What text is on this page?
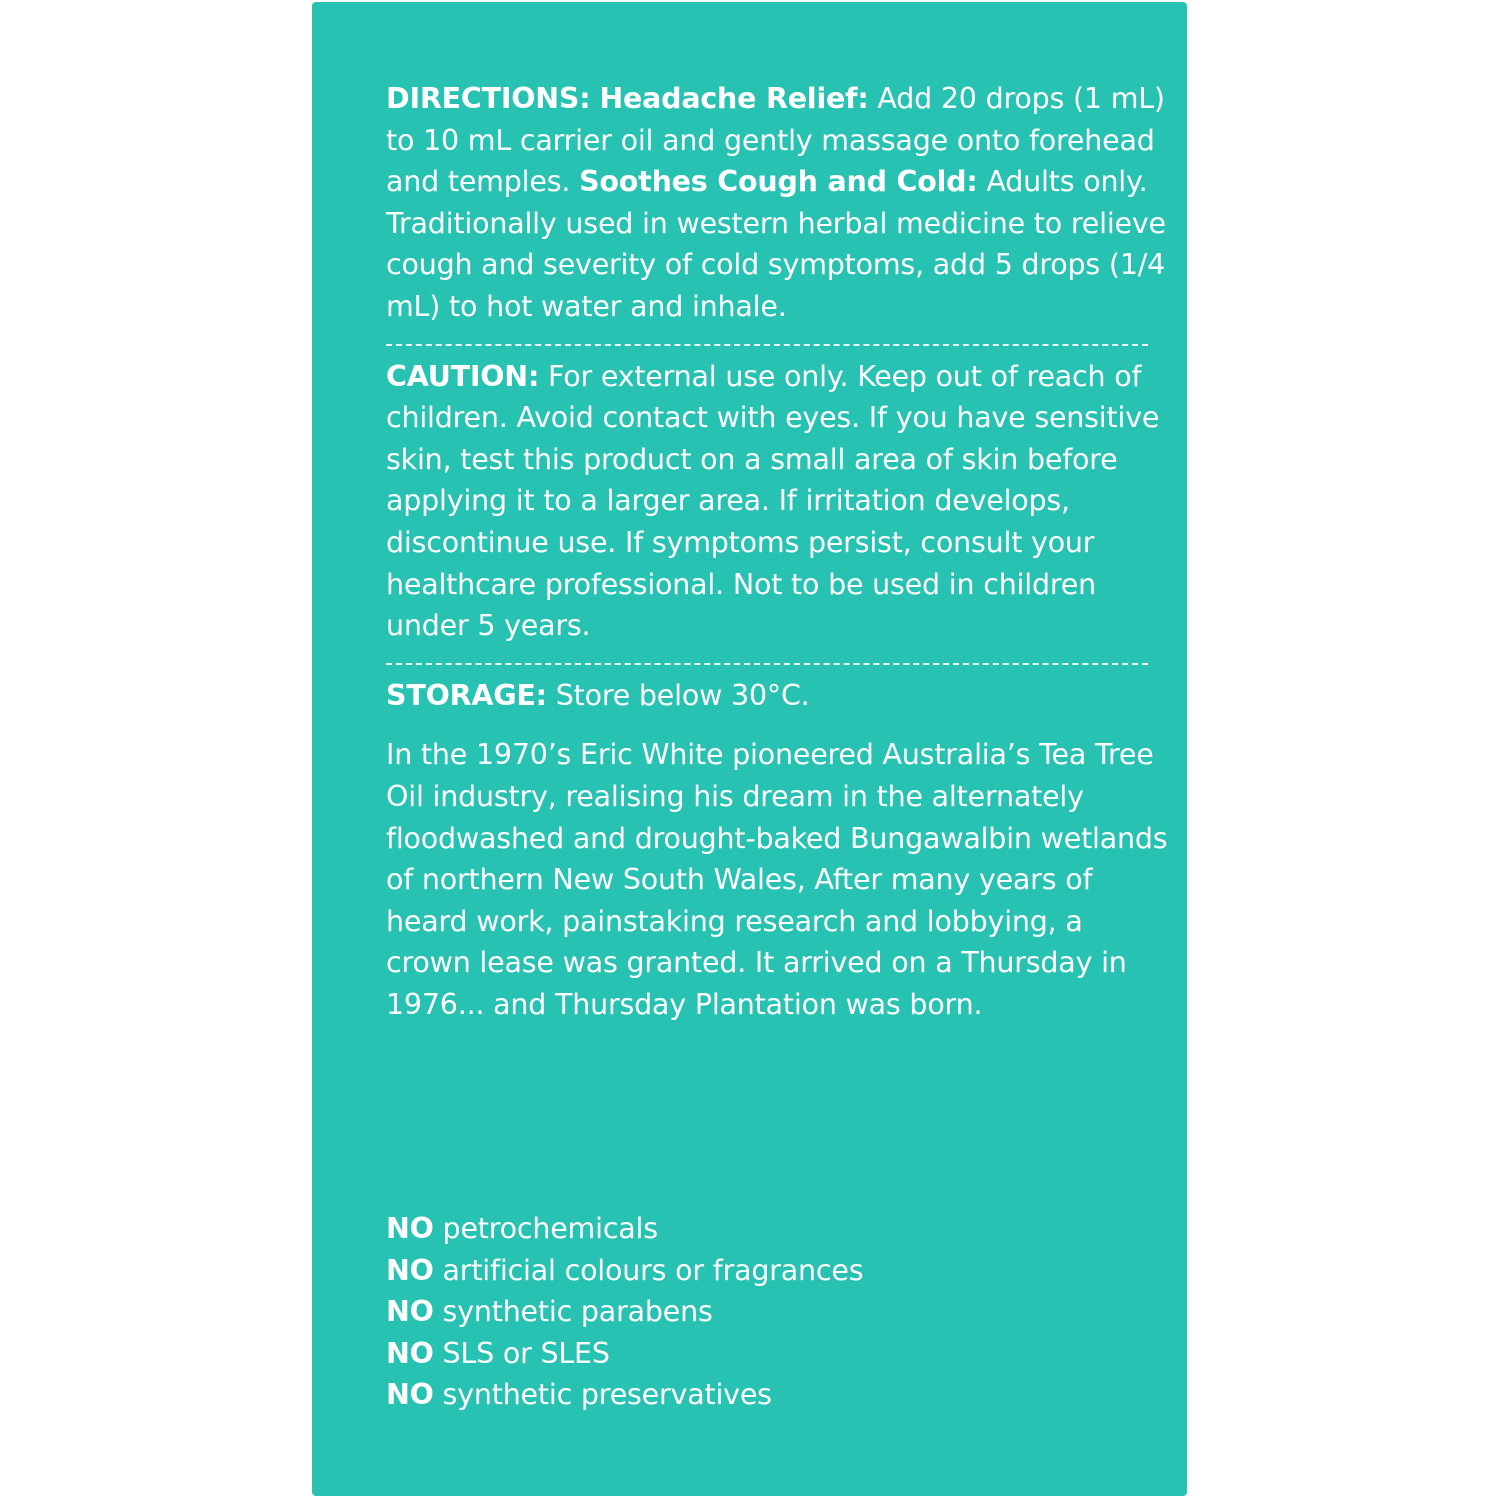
DIRECTIONS: Headache Relief: Add 20 drops (1 mL) to 10 mL carrier oil and gently massage onto forehead and temples. Soothes Cough and Cold: Adults only. Traditionally used in western herbal medicine to relieve cough and severity of cold symptoms, add 5 drops (1/4 mL) to hot water and inhale.

CAUTION: For external use only. Keep out of reach of children. Avoid contact with eyes. If you have sensitive skin, test this product on a small area of skin before applying it to a larger area. If irritation develops, discontinue use. If symptoms persist, consult your healthcare professional. Not to be used in children under 5 years.

STORAGE: Store below 30°C.

In the 1970’s Eric White pioneered Australia’s Tea Tree Oil industry, realising his dream in the alternately floodwashed and drought-baked Bungawalbin wetlands of northern New South Wales, After many years of heard work, painstaking research and lobbying, a crown lease was granted. It arrived on a Thursday in 1976... and Thursday Plantation was born.

NO petrochemicals
NO artificial colours or fragrances
NO synthetic parabens
NO SLS or SLES
NO synthetic preservatives
